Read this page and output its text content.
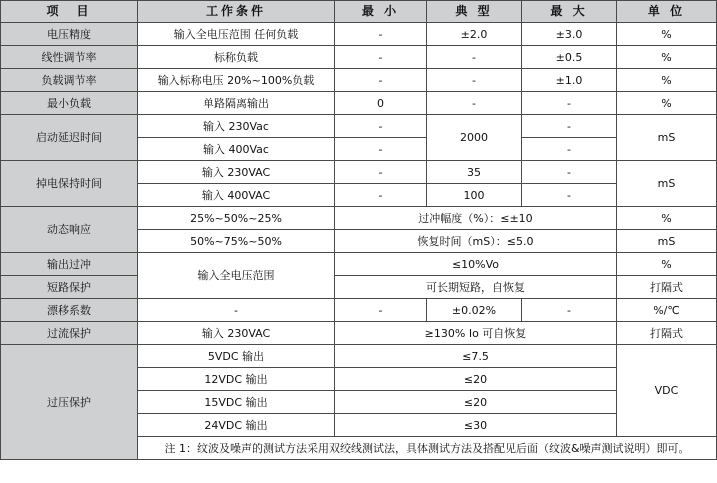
项　目	工作条件	最 小	典 型	最 大	单 位
电压精度	输入全电压范围 任何负载	-	±2.0	±3.0	%
线性调节率	标称负载	-	-	±0.5	%
负载调节率	输入标称电压 20%~100%负载	-	-	±1.0	%
最小负载	单路隔离输出	0	-	-	%
启动延迟时间	输入 230Vac	-	2000	-	mS
	输入 400Vac	-		-	
掉电保持时间	输入 230VAC	-	35	-	mS
	输入 400VAC	-	100	-	
动态响应	25%~50%~25%	过冲幅度（%）：≤±10			%
	50%~75%~50%	恢复时间（mS）：≤5.0			mS
输出过冲	输入全电压范围	≤10%Vo			%
短路保护		可长期短路，自恢复			打隔式
漂移系数	-	-	±0.02%	-	%/℃
过流保护	输入 230VAC	≥130% Io 可自恢复			打隔式
过压保护	5VDC 输出	≤7.5			VDC
	12VDC 输出	≤20			
	15VDC 输出	≤20			
	24VDC 输出	≤30			
	注 1：纹波及噪声的测试方法采用双绞线测试法，具体测试方法及搭配见后面（纹波&噪声测试说明）即可。				
